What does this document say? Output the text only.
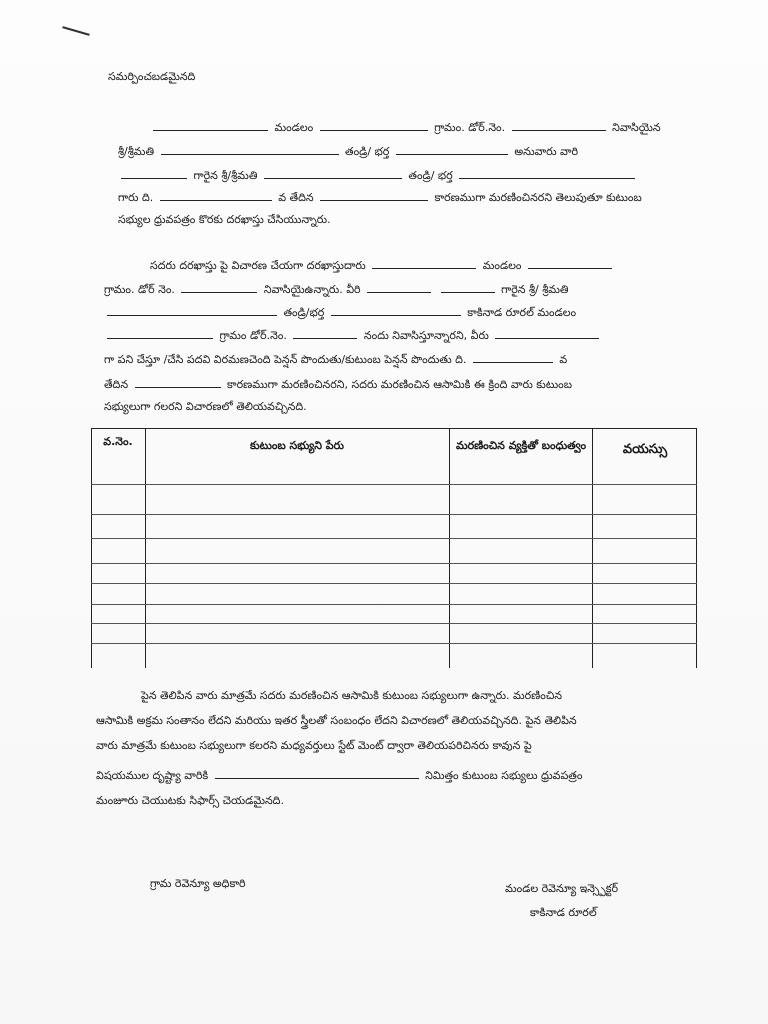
సమర్పించబడమైనది
మండలం	గ్రామం. డోర్.నెం.	నివాసియైన
శ్రీ/శ్రీమతి	తండ్రి/ భర్త	అనువారు వారి
గారైన శ్రీ/శ్రీమతి	తండ్రి/ భర్త
గారు ది.	వ తేదిన	కారణముగా మరణించినరని తెలుపుతూ కుటుంబ
సభ్యుల ధ్రువపత్రం కొరకు దరఖాస్తు చేసియున్నారు.
సదరు దరఖాస్తు పై విచారణ చేయగా దరఖాస్తుదారు	మండలం
గ్రామం. డోర్ నెం.	నివాసియైఉన్నారు. వీరి	గారైన శ్రీ/ శ్రీమతి
తండ్రి/భర్త	కాకినాడ రూరల్ మండలం
గ్రామం డోర్.నెం.	నందు నివాసిస్తూన్నారని, వీరు
గా పని చేస్తూ /చేసి పదవి విరమణచెంది పెన్షన్ పొందుతు/కుటుంబ పెన్షన్ పొందుతు ది.	వ
తేదిన	కారణముగా మరణించినరని, సదరు మరణించిన ఆసామికి ఈ క్రింది వారు కుటుంబ
సభ్యులుగా గలరని విచారణలో తెలియవచ్చినది.
వ.నెం.	కుటుంబ సభ్యుని పేరు	మరణించిన వ్యక్తితో బంధుత్వం	వయస్సు
పైన తెలిపిన వారు మాత్రమే సదరు మరణించిన ఆసామికి కుటుంబ సభ్యులుగా ఉన్నారు. మరణించిన
ఆసామికి అక్రమ సంతానం లేదని మరియు ఇతర స్త్రీలతో సంబంధం లేదని విచారణలో తెలియవచ్చినది. పైన తెలిపిన
వారు మాత్రమే కుటుంబ సభ్యులుగా కలరని మధ్యవర్తులు స్టేట్ మెంట్ ద్వారా తెలియపరిచినరు కావున పై
విషయముల దృష్ట్యా వారికి	నిమిత్తం కుటుంబ సభ్యులు ధ్రువపత్రం
మంజూరు చెయుటకు సిఫార్స్ చెయడమైనది.
గ్రామ రెవెన్యూ అధికారి	మండల రెవెన్యూ ఇన్స్పెక్టర్
కాకినాడ రూరల్
